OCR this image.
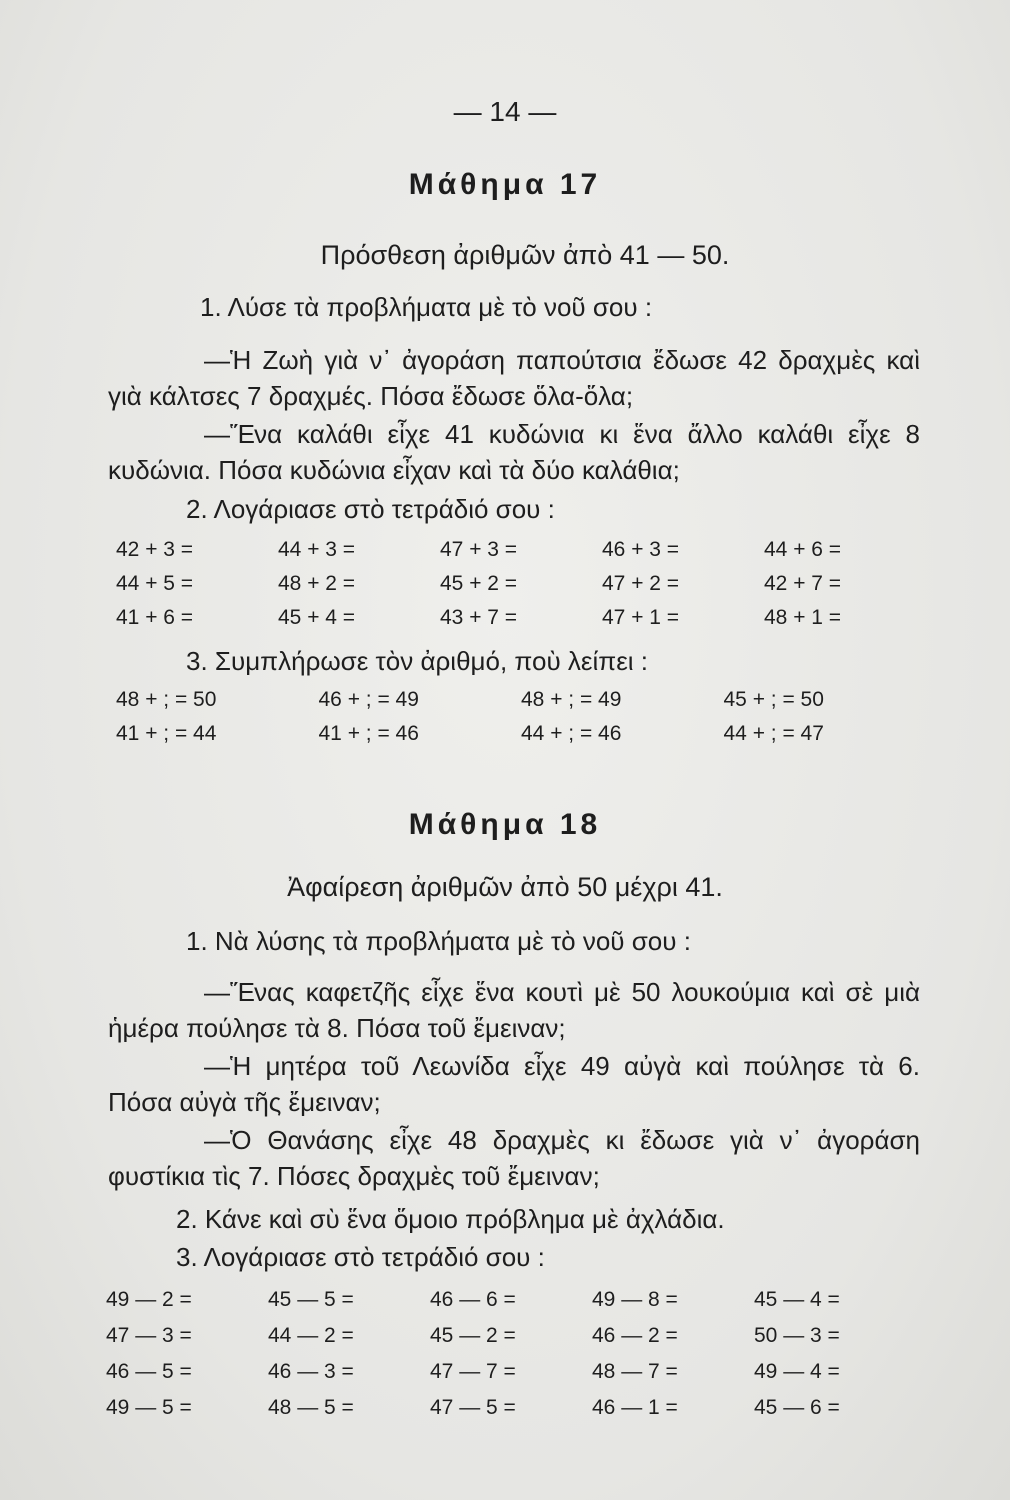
— 14 —
Μάθημα 17
Πρόσθεση ἀριθμῶν ἀπὸ 41 — 50.
1. Λύσε τὰ προβλήματα μὲ τὸ νοῦ σου :

—Ἡ Ζωὴ γιὰ ν᾽ ἀγοράση παπούτσια ἔδωσε 42 δραχμὲς καὶ γιὰ κάλτσες 7 δραχμές. Πόσα ἔδωσε ὅλα-ὅλα;

—Ἕνα καλάθι εἶχε 41 κυδώνια κι ἕνα ἄλλο καλάθι εἶχε 8 κυδώνια. Πόσα κυδώνια εἶχαν καὶ τὰ δύο καλάθια;

2. Λογάριασε στὸ τετράδιό σου :
42 + 3 =	44 + 3 =	47 + 3 =	46 + 3 =	44 + 6 =
44 + 5 =	48 + 2 =	45 + 2 =	47 + 2 =	42 + 7 =
41 + 6 =	45 + 4 =	43 + 7 =	47 + 1 =	48 + 1 =
3. Συμπλήρωσε τὸν ἀριθμό, ποὺ λείπει :
48 + ; = 50	46 + ; = 49	48 + ; = 49	45 + ; = 50
41 + ; = 44	41 + ; = 46	44 + ; = 46	44 + ; = 47
Μάθημα 18
Ἀφαίρεση ἀριθμῶν ἀπὸ 50 μέχρι 41.
1. Νὰ λύσης τὰ προβλήματα μὲ τὸ νοῦ σου :

—Ἕνας καφετζῆς εἶχε ἕνα κουτὶ μὲ 50 λουκούμια καὶ σὲ μιὰ ἡμέρα πούλησε τὰ 8. Πόσα τοῦ ἔμειναν;

—Ἡ μητέρα τοῦ Λεωνίδα εἶχε 49 αὐγὰ καὶ πούλησε τὰ 6. Πόσα αὐγὰ τῆς ἔμειναν;

—Ὁ Θανάσης εἶχε 48 δραχμὲς κι ἔδωσε γιὰ ν᾽ ἀγοράση φυστίκια τὶς 7. Πόσες δραχμὲς τοῦ ἔμειναν;

2. Κάνε καὶ σὺ ἕνα ὅμοιο πρόβλημα μὲ ἀχλάδια.
3. Λογάριασε στὸ τετράδιό σου :
49 — 2 =	45 — 5 =	46 — 6 =	49 — 8 =	45 — 4 =
47 — 3 =	44 — 2 =	45 — 2 =	46 — 2 =	50 — 3 =
46 — 5 =	46 — 3 =	47 — 7 =	48 — 7 =	49 — 4 =
49 — 5 =	48 — 5 =	47 — 5 =	46 — 1 =	45 — 6 =
